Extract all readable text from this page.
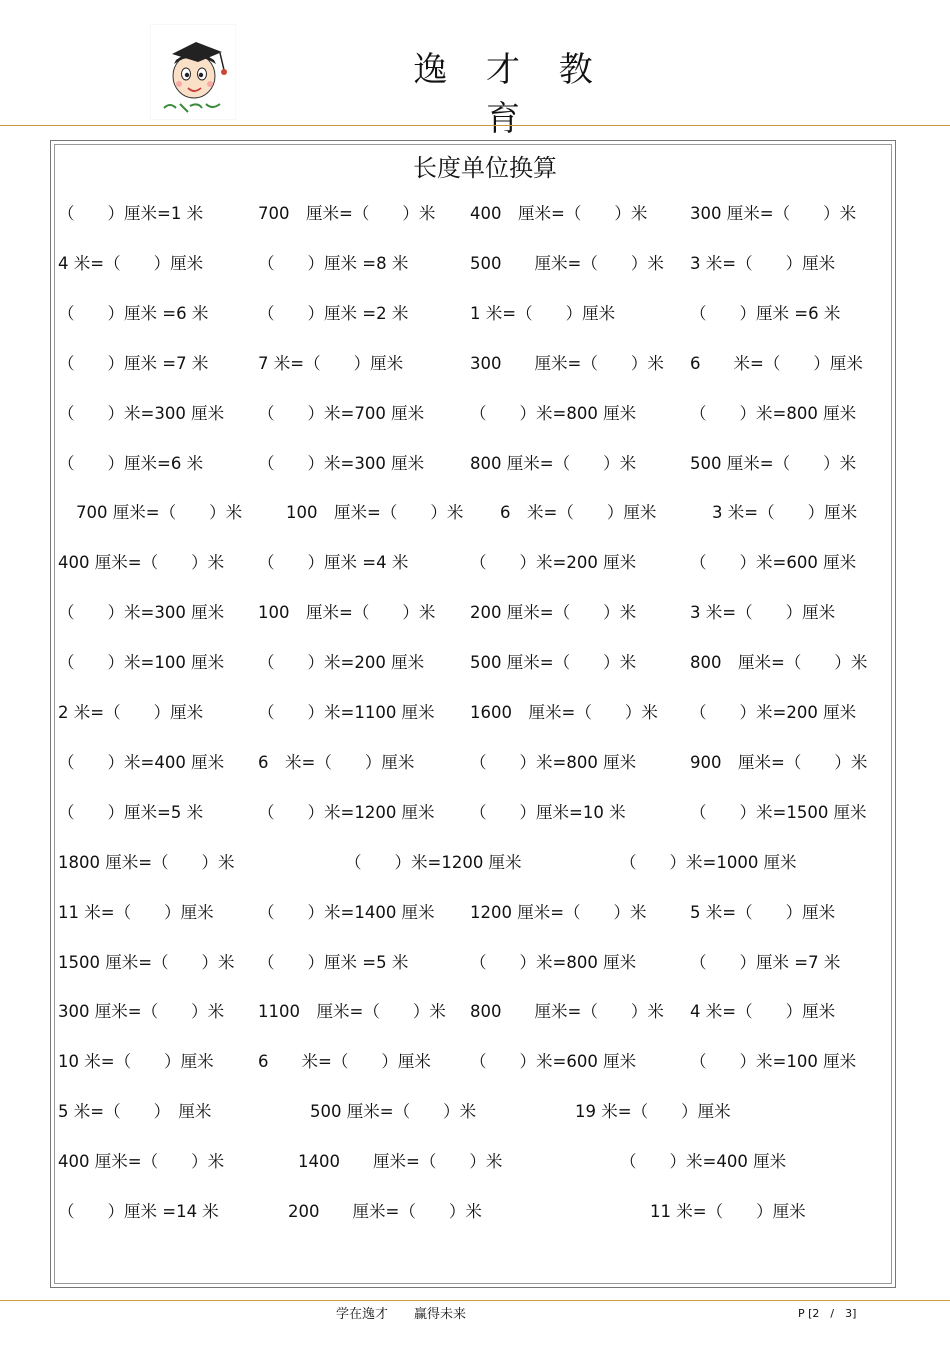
逸 才 教 育
长度单位换算
（　　）厘米=1 米	700　厘米=（　　）米 400　厘米=（　　）米	300 厘米=（　　）米
4 米=（　　）厘米	（　　）厘米 =8 米	500　　厘米=（　　）米 3 米=（　　）厘米
（　　）厘米 =6 米	（　　）厘米 =2 米	1 米=（　　）厘米	（　　）厘米 =6 米
（　　）厘米 =7 米	7 米=（　　）厘米	300　　厘米=（　　）米 6　　米=（　　）厘米
（　　）米=300 厘米 （　　）米=700 厘米	（　　）米=800 厘米	（　　）米=800 厘米
（　　）厘米=6 米	（　　）米=300 厘米	800 厘米=（　　）米	500 厘米=（　　）米
700 厘米=（　　）米	100　厘米=（　　）米 6　米=（　　）厘米	3 米=（　　）厘米
400 厘米=（　　）米 （　　）厘米 =4 米	（　　）米=200 厘米	（　　）米=600 厘米
（　　）米=300 厘米 100　厘米=（　　）米 200 厘米=（　　）米	3 米=（　　）厘米
（　　）米=100 厘米 （　　）米=200 厘米	500 厘米=（　　）米	800　厘米=（　　）米
2 米=（　　）厘米	（　　）米=1100 厘米 1600　厘米=（　　）米 （　　）米=200 厘米
（　　）米=400 厘米 6　米=（　　）厘米	（　　）米=800 厘米	900　厘米=（　　）米
（　　）厘米=5 米	（　　）米=1200 厘米 （　　）厘米=10 米	（　　）米=1500 厘米
1800 厘米=（　　）米	（　　）米=1200 厘米	（　　）米=1000 厘米
11 米=（　　）厘米	（　　）米=1400 厘米 1200 厘米=（　　）米	5 米=（　　）厘米
1500 厘米=（　　）米 （　　）厘米 =5 米	（　　）米=800 厘米	（　　）厘米 =7 米
300 厘米=（　　）米 1100　厘米=（　　）米 800　　厘米=（　　）米 4 米=（　　）厘米
10 米=（　　）厘米	6　　米=（　　）厘米 （　　）米=600 厘米	（　　）米=100 厘米
5 米=（　　）　厘米	500 厘米=（　　）米	19 米=（　　）厘米
400 厘米=（　　）米	1400　　厘米=（　　）米	（　　）米=400 厘米
（　　）厘米 =14 米	200　　厘米=（　　）米	11 米=（　　）厘米
学在逸才　　赢得未来	P [2　/　3]
